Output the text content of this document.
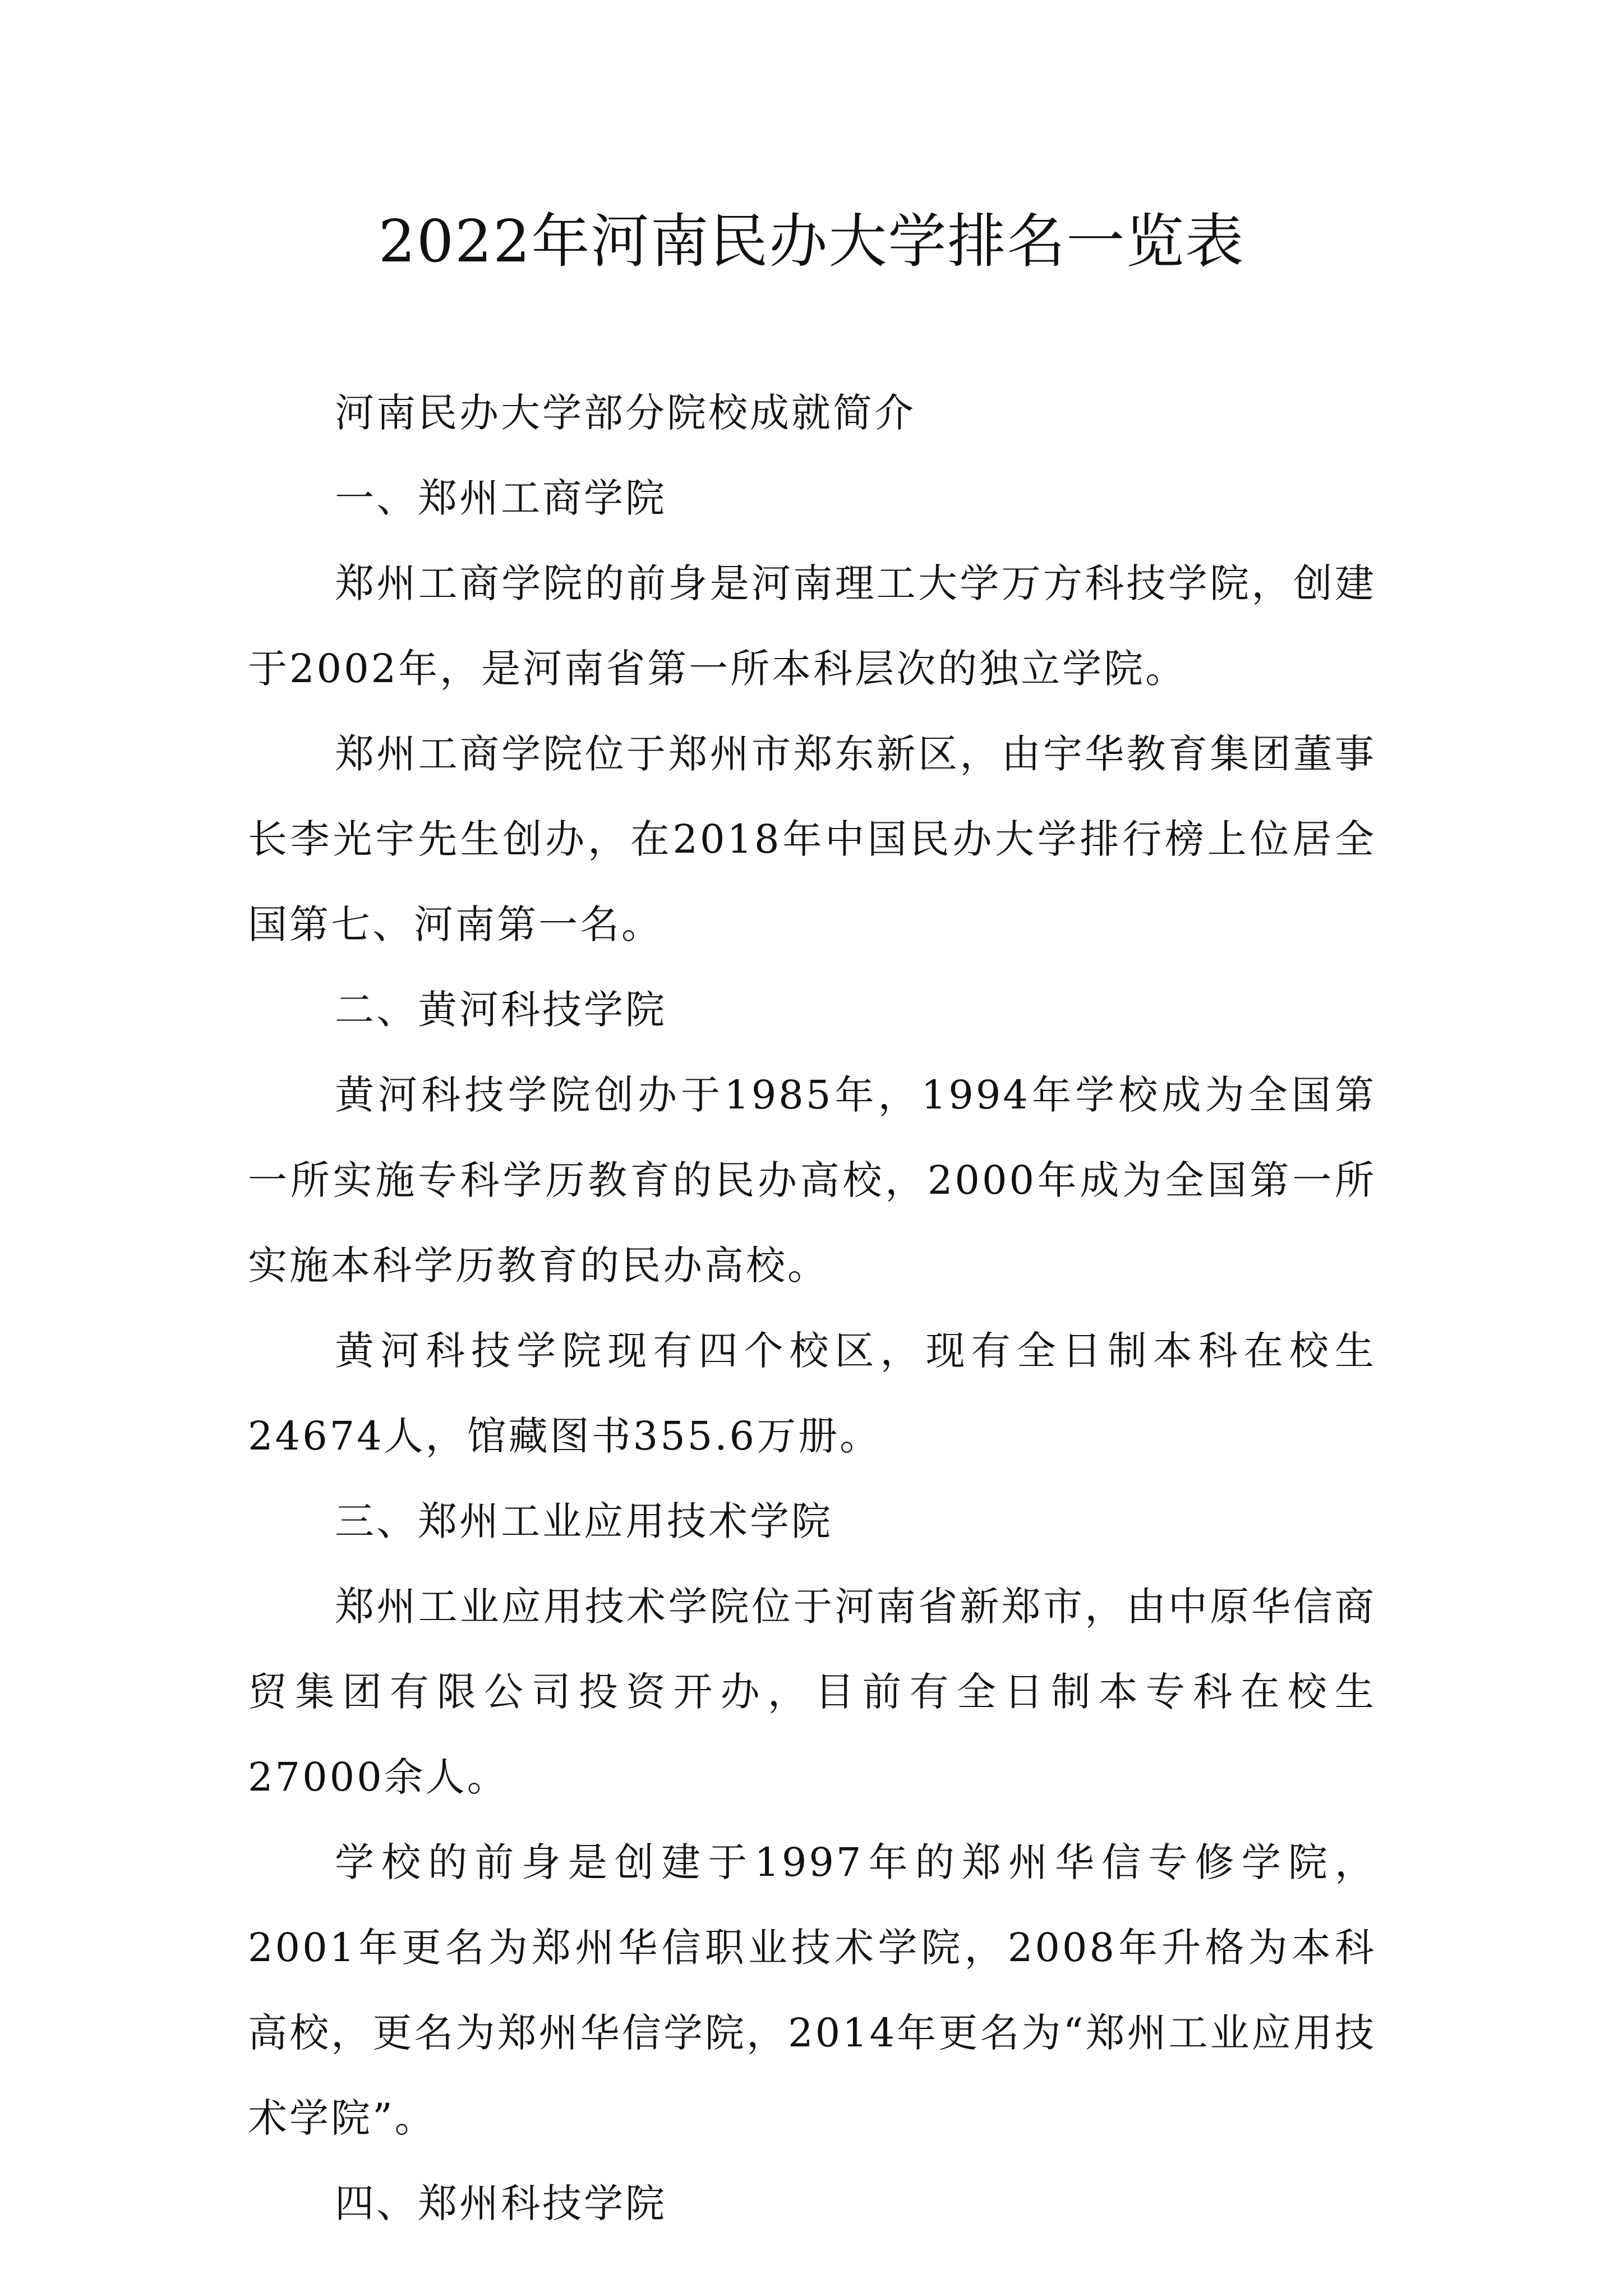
2022年河南民办大学排名一览表

河南民办大学部分院校成就简介

一、郑州工商学院

郑州工商学院的前身是河南理工大学万方科技学院，创建于2002年，是河南省第一所本科层次的独立学院。

郑州工商学院位于郑州市郑东新区，由宇华教育集团董事长李光宇先生创办，在2018年中国民办大学排行榜上位居全国第七、河南第一名。

二、黄河科技学院

黄河科技学院创办于1985年，1994年学校成为全国第一所实施专科学历教育的民办高校，2000年成为全国第一所实施本科学历教育的民办高校。

黄河科技学院现有四个校区，现有全日制本科在校生24674人，馆藏图书355.6万册。

三、郑州工业应用技术学院

郑州工业应用技术学院位于河南省新郑市，由中原华信商贸集团有限公司投资开办，目前有全日制本专科在校生27000余人。

学校的前身是创建于1997年的郑州华信专修学院，2001年更名为郑州华信职业技术学院，2008年升格为本科高校，更名为郑州华信学院，2014年更名为“郑州工业应用技术学院”。

四、郑州科技学院
